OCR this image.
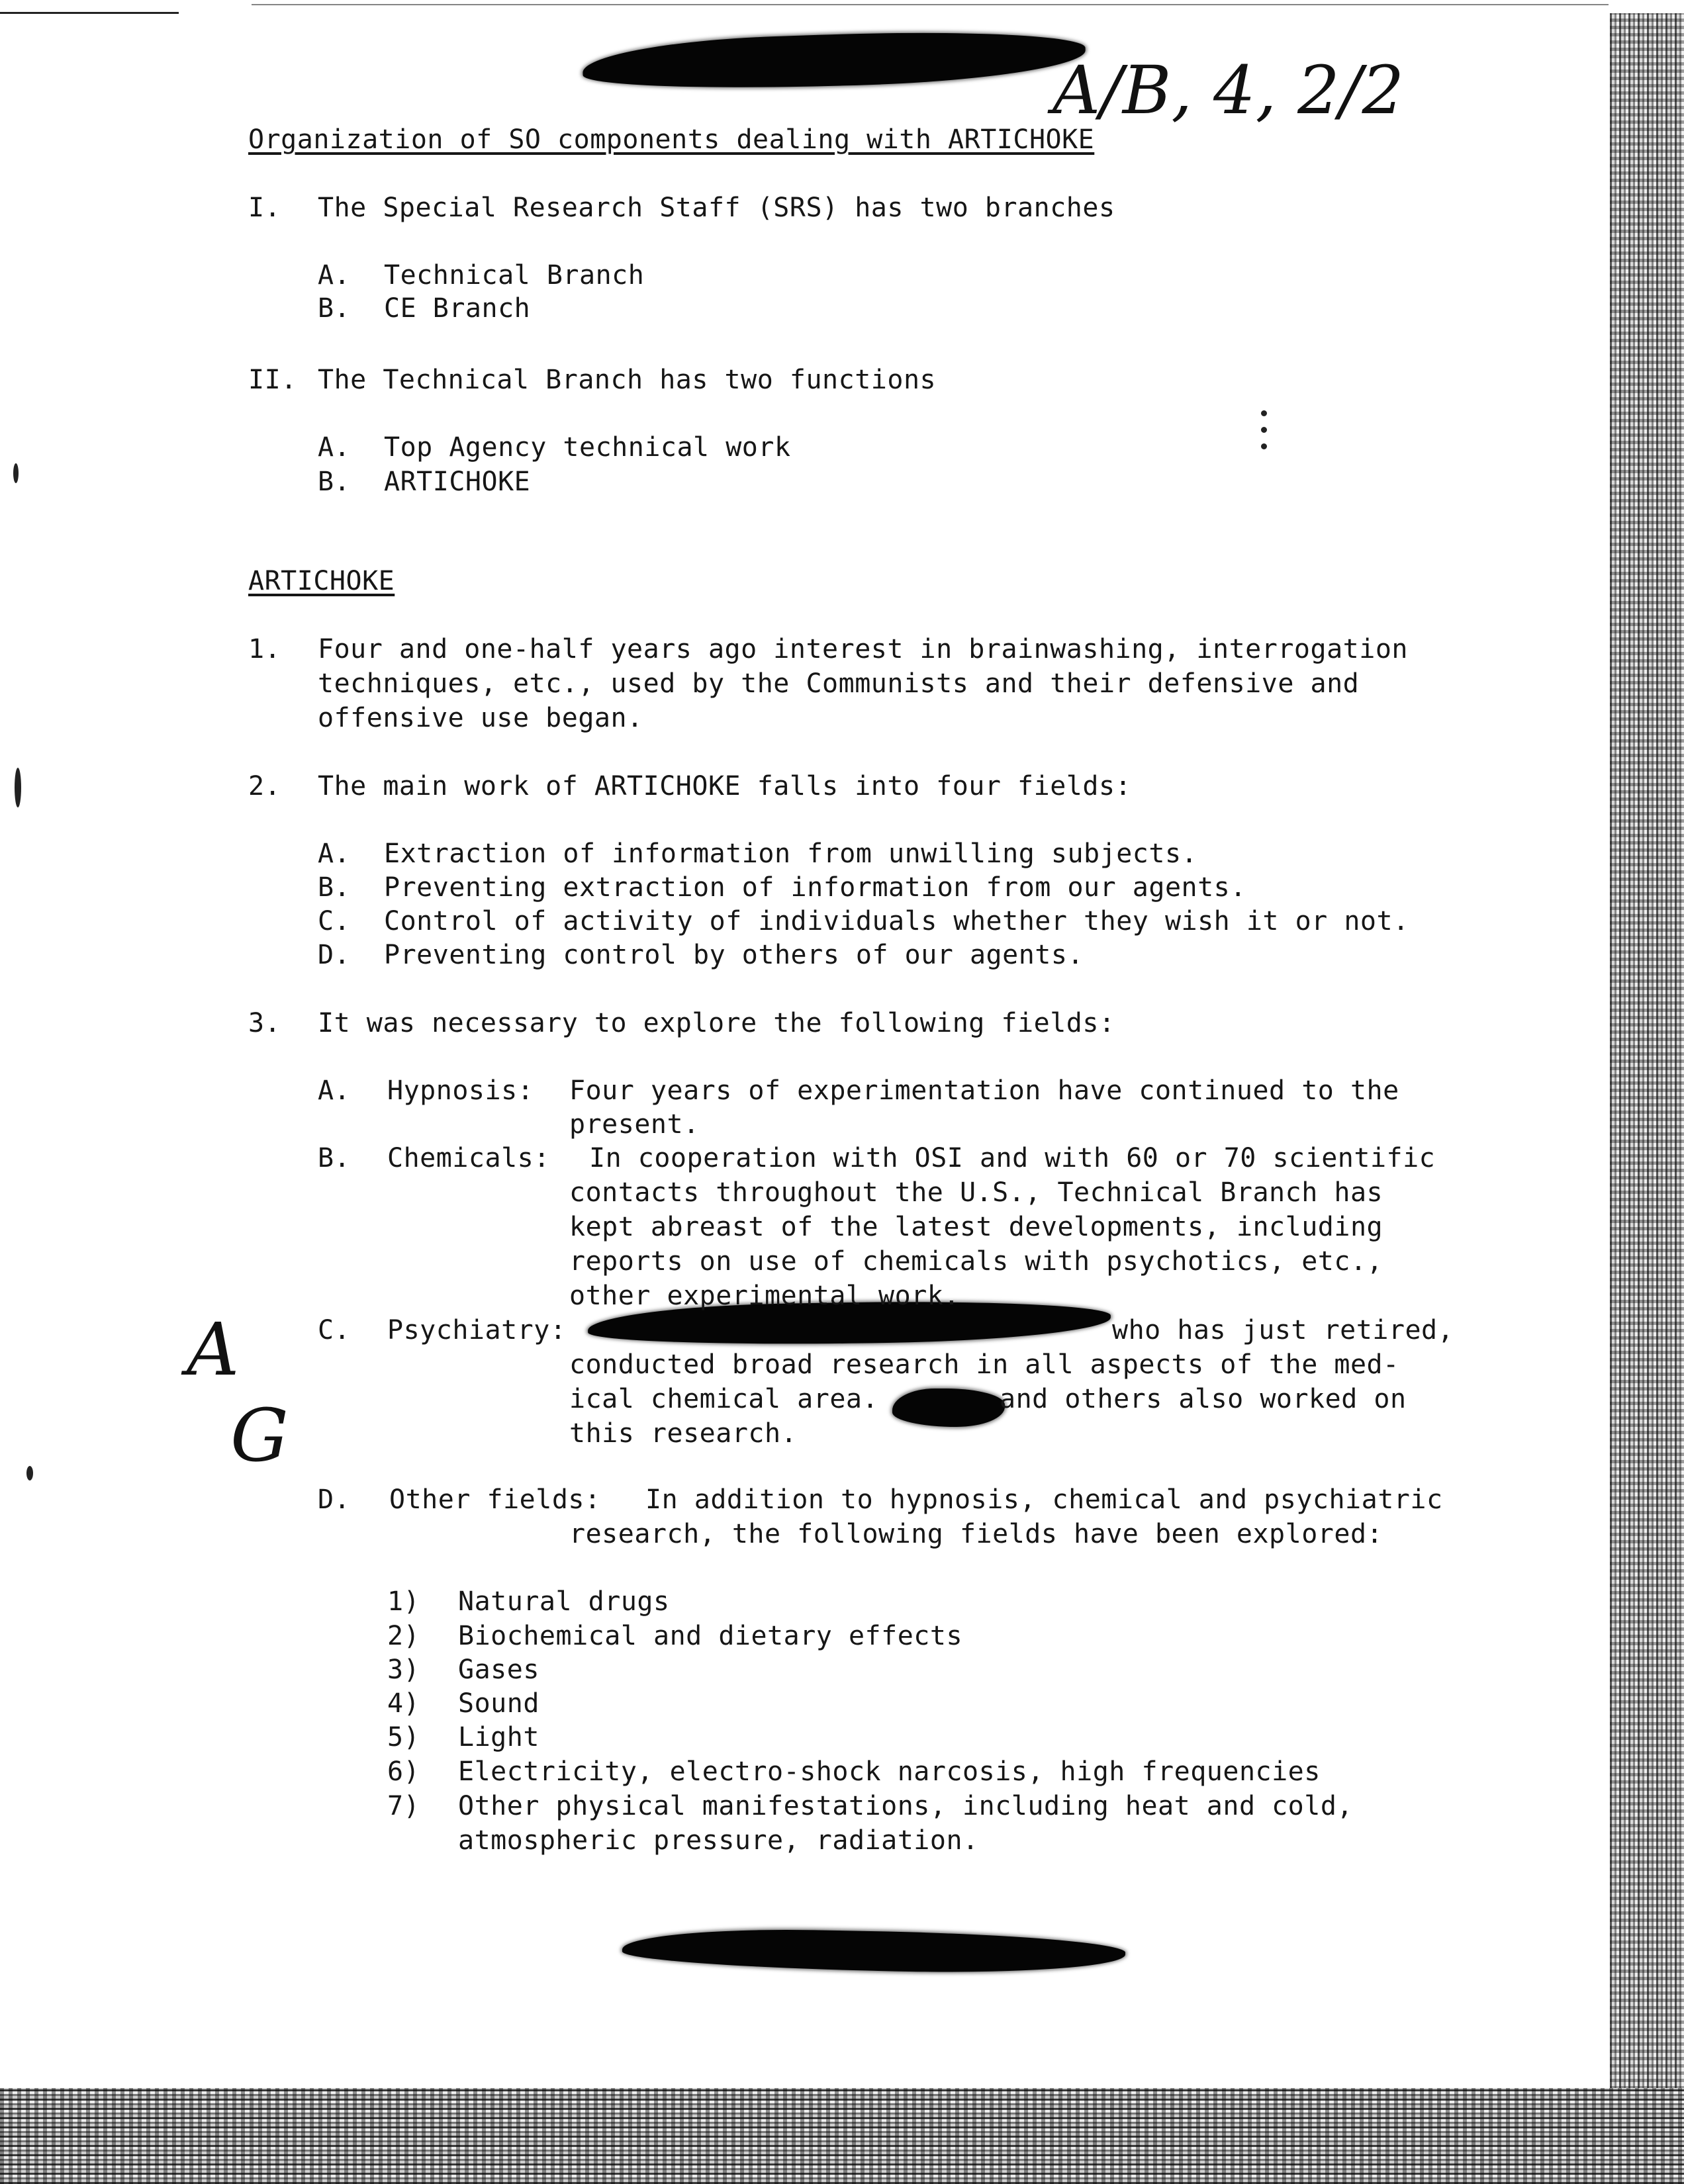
A/B, 4, 2/2
A
G
Organization of SO components dealing with ARTICHOKE
I. The Special Research Staff (SRS) has two branches
A. Technical Branch
B. CE Branch
II. The Technical Branch has two functions
A. Top Agency technical work
B. ARTICHOKE
ARTICHOKE
1. Four and one-half years ago interest in brainwashing, interrogation
techniques, etc., used by the Communists and their defensive and
offensive use began.
2. The main work of ARTICHOKE falls into four fields:
A. Extraction of information from unwilling subjects.
B. Preventing extraction of information from our agents.
C. Control of activity of individuals whether they wish it or not.
D. Preventing control by others of our agents.
3. It was necessary to explore the following fields:
A. Hypnosis: Four years of experimentation have continued to the
present.
B. Chemicals: In cooperation with OSI and with 60 or 70 scientific
contacts throughout the U.S., Technical Branch has
kept abreast of the latest developments, including
reports on use of chemicals with psychotics, etc.,
other experimental work.
C. Psychiatry:	who has just retired,
conducted broad research in all aspects of the med-
ical chemical area.	and others also worked on
this research.
D. Other fields: In addition to hypnosis, chemical and psychiatric
research, the following fields have been explored:
1) Natural drugs
2) Biochemical and dietary effects
3) Gases
4) Sound
5) Light
6) Electricity, electro-shock narcosis, high frequencies
7) Other physical manifestations, including heat and cold,
atmospheric pressure, radiation.
